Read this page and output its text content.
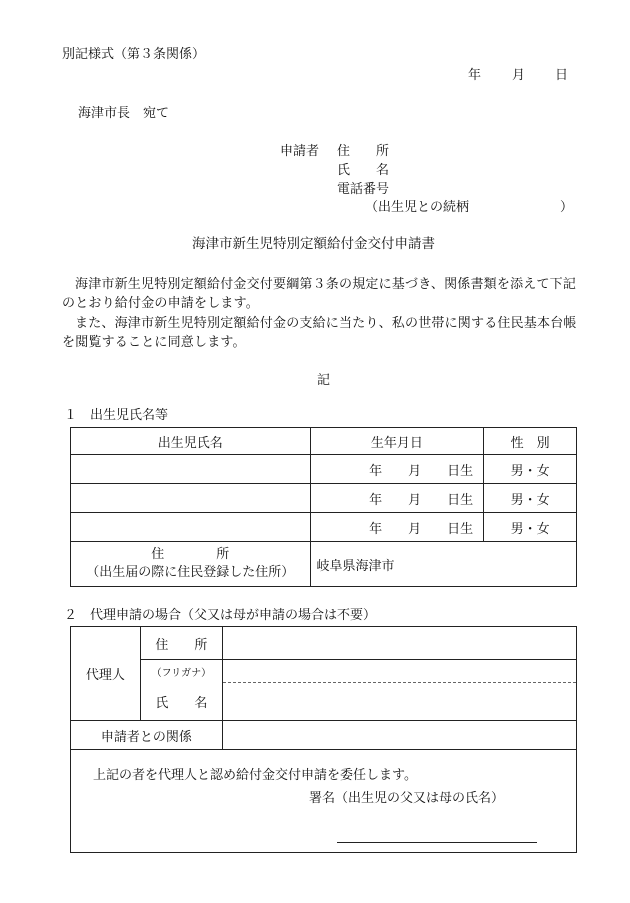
別記様式（第３条関係）
年 月 日
海津市長　宛て
申請者 住　　所
氏　　名
電話番号
（出生児との続柄　　　　　　　）
海津市新生児特別定額給付金交付申請書
海津市新生児特別定額給付金交付要綱第３条の規定に基づき、関係書類を添えて下記のとおり給付金の申請をします。
また、海津市新生児特別定額給付金の支給に当たり、私の世帯に関する住民基本台帳を閲覧することに同意します。
記
１　出生児氏名等
出生児氏名	生年月日	性　別
	年　　月　　日生	男・女
	年　　月　　日生	男・女
	年　　月　　日生	男・女

住　　　　所
（出生届の際に住民登録した住所）	岐阜県海津市	
２　代理申請の場合（父又は母が申請の場合は不要）
代理人	住　　所	
	（フリガナ）	
	氏　　名	
申請者との関係		

上記の者を代理人と認め給付金交付申請を委任します。
署名（出生児の父又は母の氏名）		
